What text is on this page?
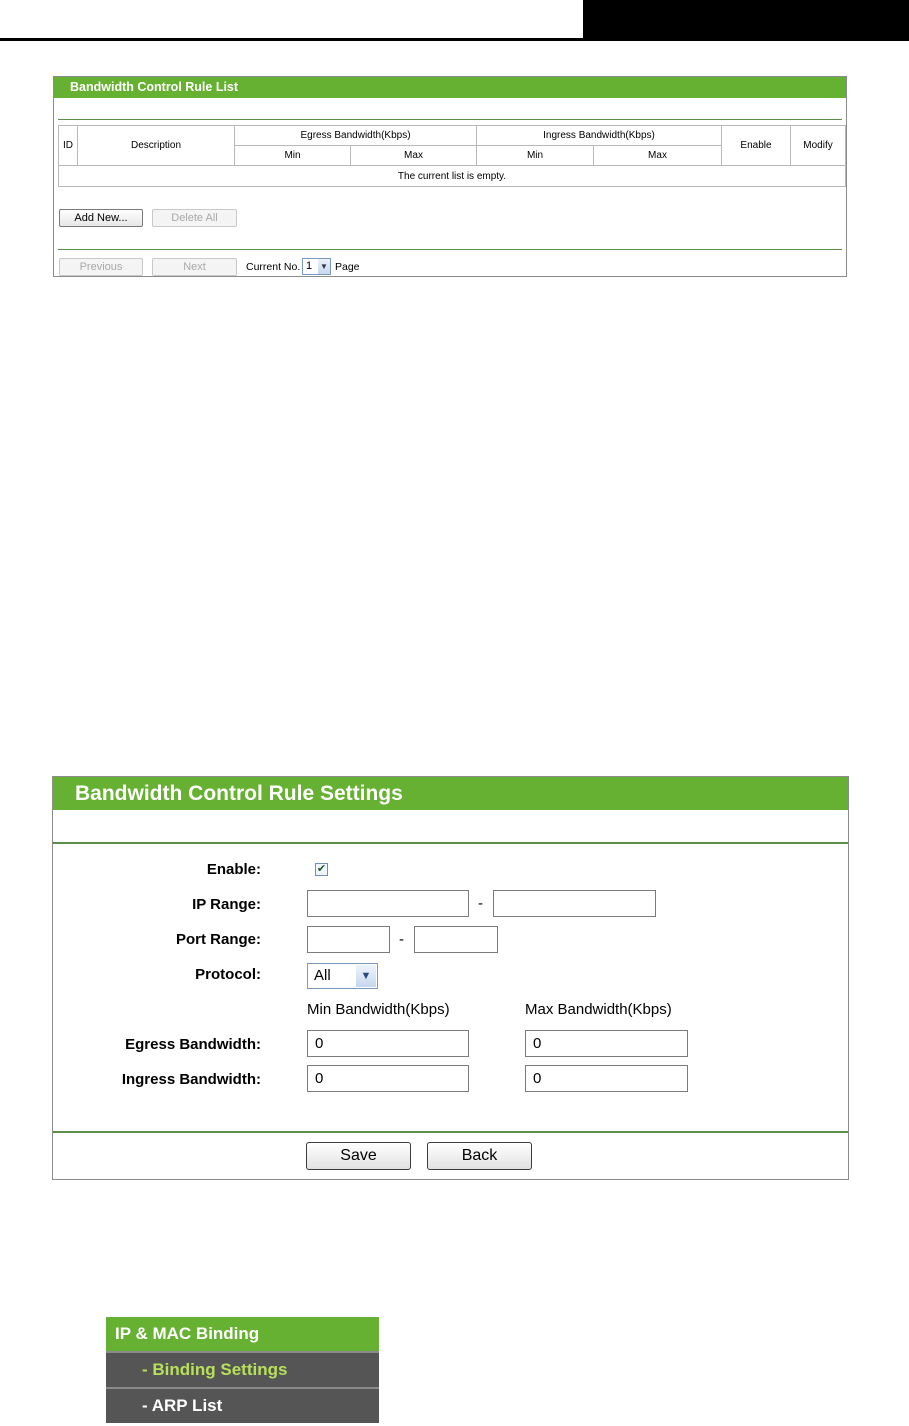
Bandwidth Control Rule List
ID	Description	Egress Bandwidth(Kbps)		Ingress Bandwidth(Kbps)		Enable	Modify
		Min	Max	Min	Max		
The current list is empty.							
Add New...	Delete All
Previous	Next	Current No. 1 ▼ Page
Bandwidth Control Rule Settings
Enable:	✔
IP Range:	-
Port Range:	-
Protocol:	All	▼
Min Bandwidth(Kbps)	Max Bandwidth(Kbps)
Egress Bandwidth:	0	0
Ingress Bandwidth:	0	0
Save	Back
IP & MAC Binding
- Binding Settings
- ARP List
